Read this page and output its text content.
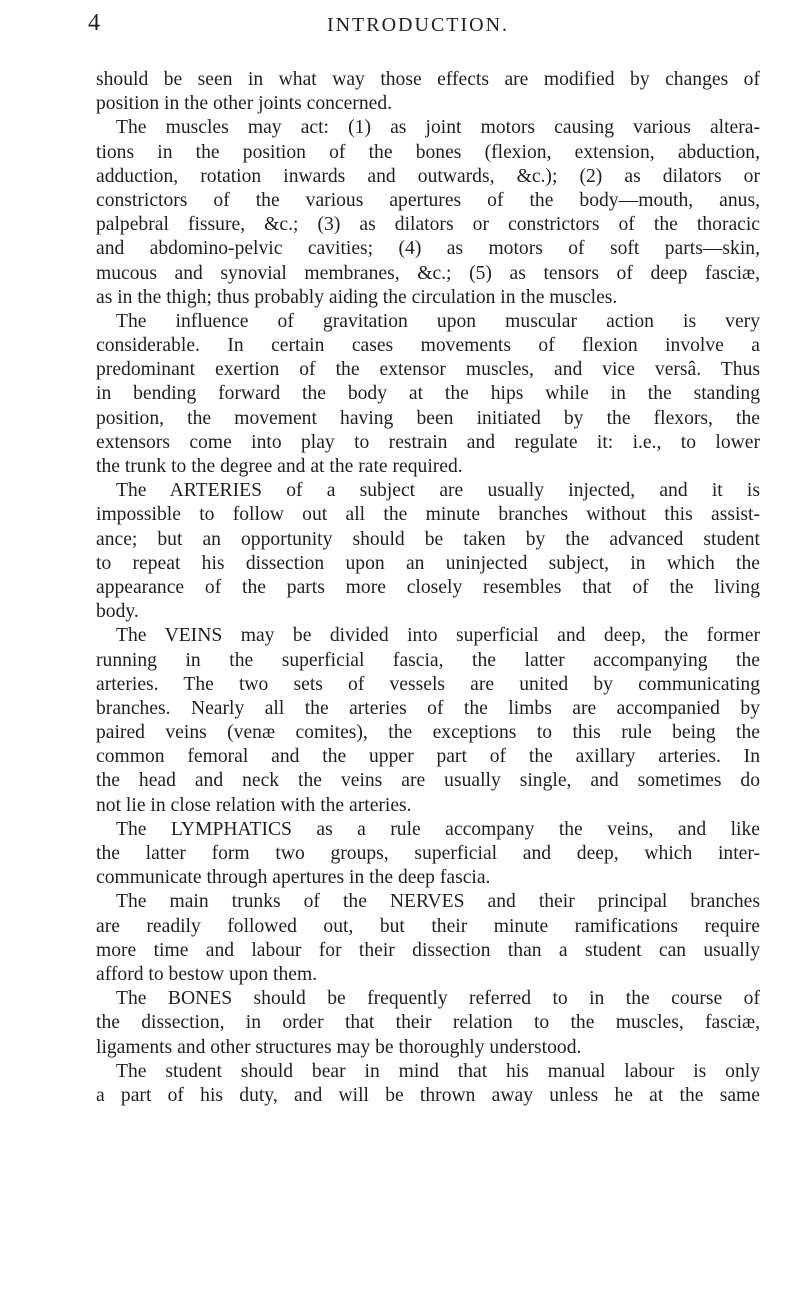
4	INTRODUCTION.
should be seen in what way those effects are modified by changes of
position in the other joints concerned.
The muscles may act: (1) as joint motors causing various altera-
tions in the position of the bones (flexion, extension, abduction,
adduction, rotation inwards and outwards, &c.); (2) as dilators or
constrictors of the various apertures of the body—mouth, anus,
palpebral fissure, &c.; (3) as dilators or constrictors of the thoracic
and abdomino-pelvic cavities; (4) as motors of soft parts—skin,
mucous and synovial membranes, &c.; (5) as tensors of deep fasciæ,
as in the thigh; thus probably aiding the circulation in the muscles.
The influence of gravitation upon muscular action is very
considerable. In certain cases movements of flexion involve a
predominant exertion of the extensor muscles, and vice versâ. Thus
in bending forward the body at the hips while in the standing
position, the movement having been initiated by the flexors, the
extensors come into play to restrain and regulate it: i.e., to lower
the trunk to the degree and at the rate required.
The ARTERIES of a subject are usually injected, and it is
impossible to follow out all the minute branches without this assist-
ance; but an opportunity should be taken by the advanced student
to repeat his dissection upon an uninjected subject, in which the
appearance of the parts more closely resembles that of the living
body.
The VEINS may be divided into superficial and deep, the former
running in the superficial fascia, the latter accompanying the
arteries. The two sets of vessels are united by communicating
branches. Nearly all the arteries of the limbs are accompanied by
paired veins (venæ comites), the exceptions to this rule being the
common femoral and the upper part of the axillary arteries. In
the head and neck the veins are usually single, and sometimes do
not lie in close relation with the arteries.
The LYMPHATICS as a rule accompany the veins, and like
the latter form two groups, superficial and deep, which inter-
communicate through apertures in the deep fascia.
The main trunks of the NERVES and their principal branches
are readily followed out, but their minute ramifications require
more time and labour for their dissection than a student can usually
afford to bestow upon them.
The BONES should be frequently referred to in the course of
the dissection, in order that their relation to the muscles, fasciæ,
ligaments and other structures may be thoroughly understood.
The student should bear in mind that his manual labour is only
a part of his duty, and will be thrown away unless he at the same
